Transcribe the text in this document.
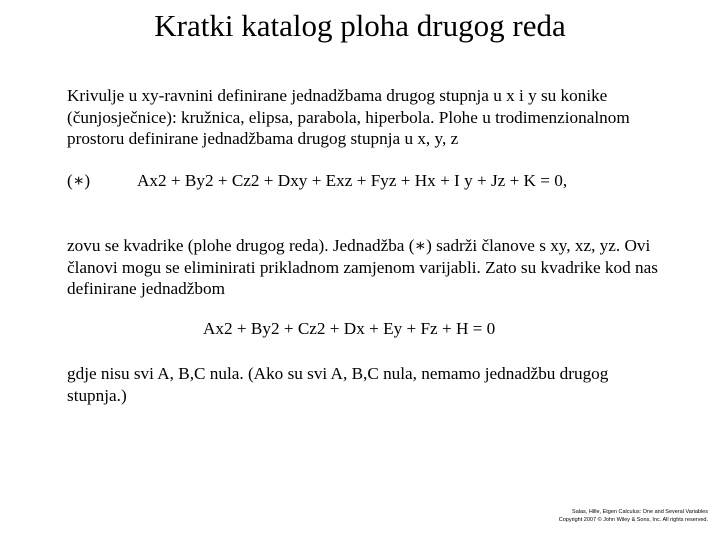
Kratki katalog ploha drugog reda
Krivulje u xy-ravnini definirane jednadžbama drugog stupnja u x i y su konike (čunjosječnice): kružnica, elipsa, parabola, hiperbola. Plohe u trodimenzionalnom prostoru definirane jednadžbama drugog stupnja u x, y, z
(∗)	Ax2 + By2 + Cz2 + Dxy + Exz + Fyz + Hx + I y + Jz + K = 0,
zovu se kvadrike (plohe drugog reda). Jednadžba (∗) sadrži članove s xy, xz, yz. Ovi članovi mogu se eliminirati prikladnom zamjenom varijabli. Zato su kvadrike kod nas definirane jednadžbom
Ax2 + By2 + Cz2 + Dx + Ey + Fz + H = 0
gdje nisu svi A, B,C nula. (Ako su svi A, B,C nula, nemamo jednadžbu drugog stupnja.)
Salas, Hille, Etgen Calculus: One and Several Variables
Copyright 2007 © John Wiley & Sons, Inc. All rights reserved.
